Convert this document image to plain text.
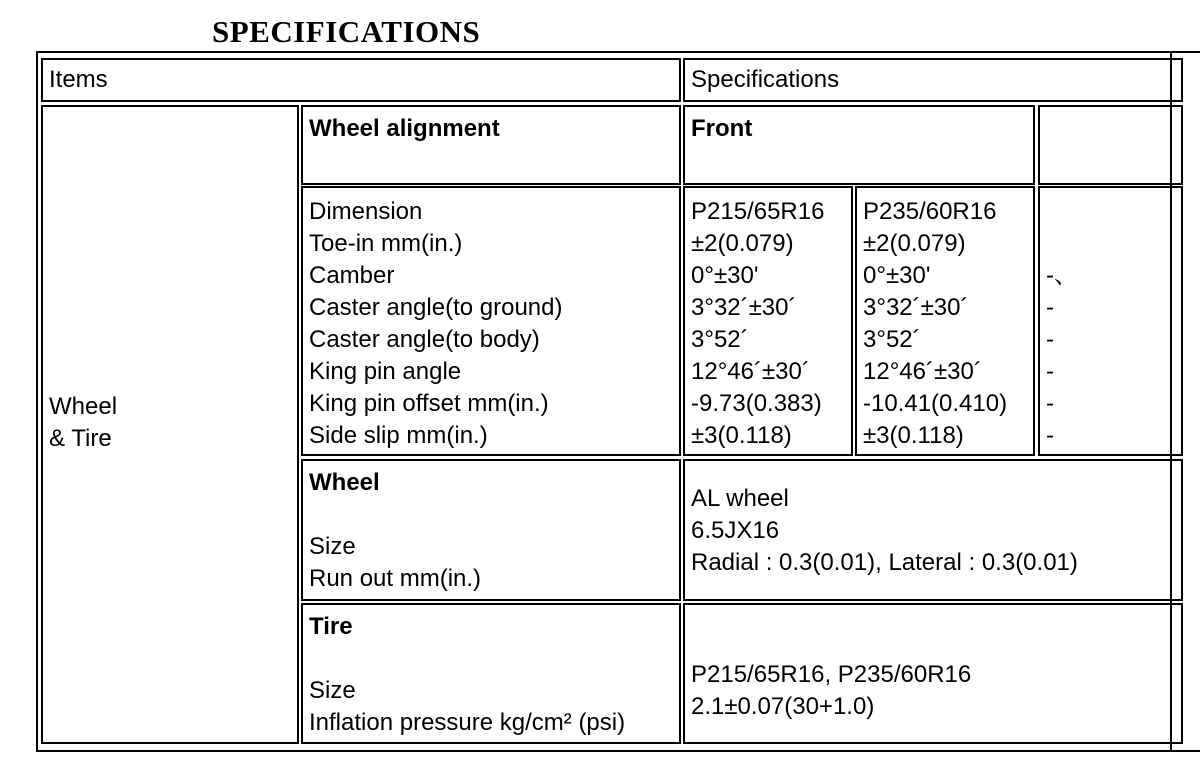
SPECIFICATIONS
Items	Specifications
Wheel
& Tire
Wheel alignment	Front
Dimension
Toe-in mm(in.)
Camber
Caster angle(to ground)
Caster angle(to body)
King pin angle
King pin offset mm(in.)
Side slip mm(in.)
P215/65R16
±2(0.079)
0°±30'
3°32´±30´
3°52´
12°46´±30´
-9.73(0.383)
±3(0.118)
P235/60R16
±2(0.079)
0°±30'
3°32´±30´
3°52´
12°46´±30´
-10.41(0.410)
±3(0.118)
-、
-
-
-
-
-
Wheel
Size
Run out mm(in.)
AL wheel
6.5JX16
Radial : 0.3(0.01), Lateral : 0.3(0.01)
Tire
Size
Inflation pressure kg/cm² (psi)
P215/65R16, P235/60R16
2.1±0.07(30+1.0)
